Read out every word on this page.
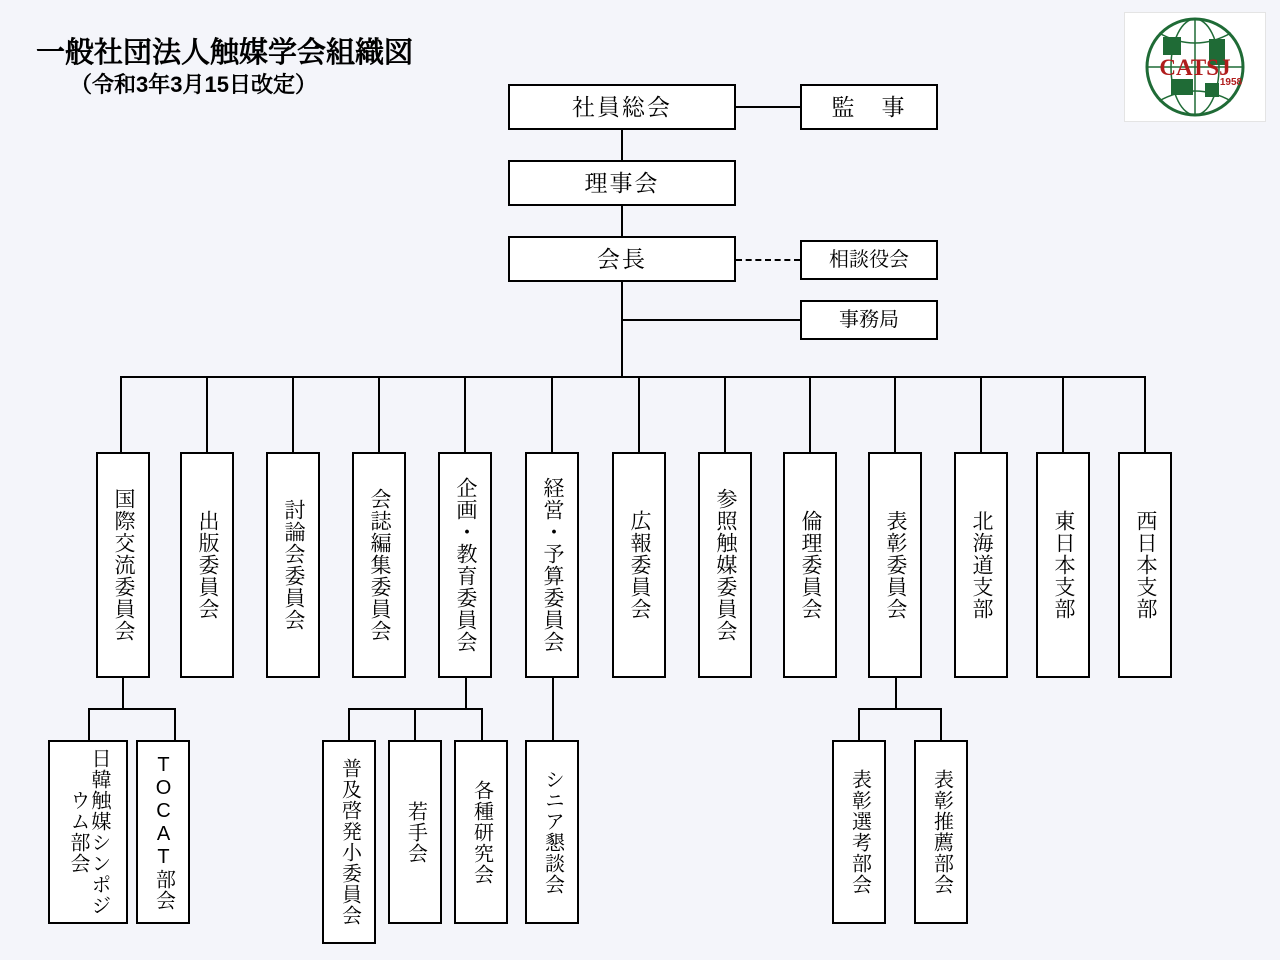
一般社団法人触媒学会組織図
（令和3年3月15日改定）
CATSJ
1958
社員総会	監　事
理事会
会長	相談役会
事務局
国際交流委員会	出版委員会	討論会委員会	会誌編集委員会	企画・教育委員会	経営・予算委員会	広報委員会	参照触媒委員会	倫理委員会	表彰委員会	北海道支部	東日本支部	西日本支部
日韓触媒シンポジウム部会	TOCAT部会	普及啓発小委員会	若手会	各種研究会	シニア懇談会	表彰選考部会	表彰推薦部会
